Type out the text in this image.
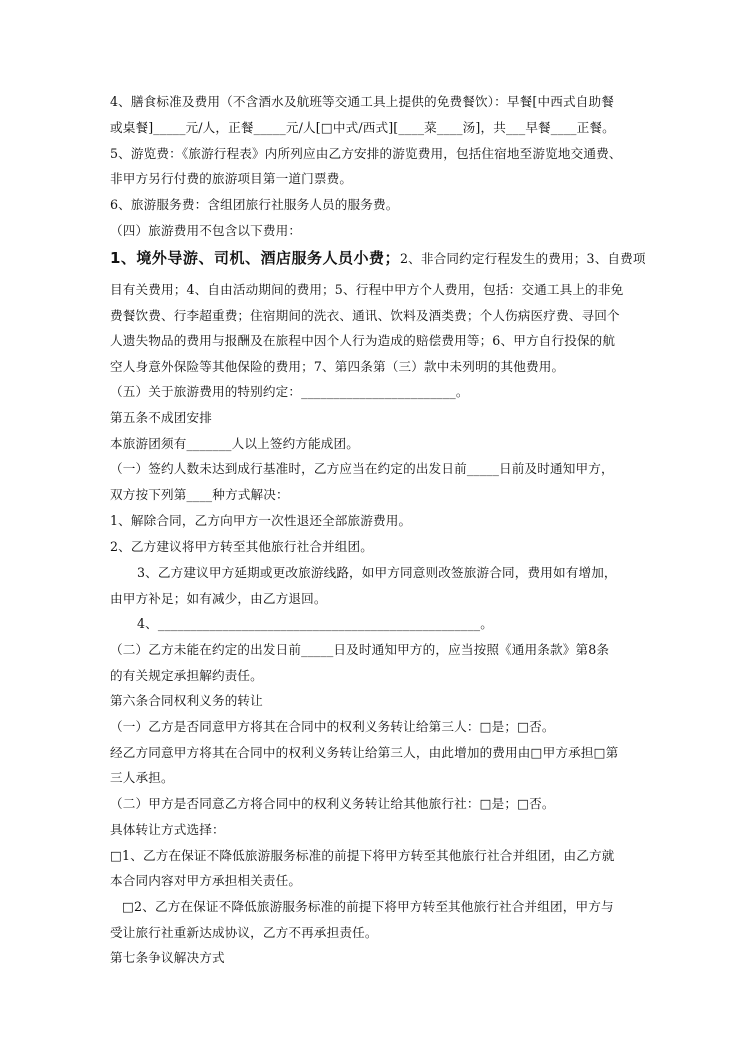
4、膳食标准及费用（不含酒水及航班等交通工具上提供的免费餐饮）：早餐[中西式自助餐
或桌餐]_____元/人，正餐_____元/人[□中式/西式][____菜____汤]，共___早餐____正餐。
5、游览费：《旅游行程表》内所列应由乙方安排的游览费用，包括住宿地至游览地交通费、
非甲方另行付费的旅游项目第一道门票费。
6、旅游服务费：含组团旅行社服务人员的服务费。
（四）旅游费用不包含以下费用：
1、境外导游、司机、酒店服务人员小费；2、非合同约定行程发生的费用；3、自费项
目有关费用；4、自由活动期间的费用；5、行程中甲方个人费用，包括：交通工具上的非免
费餐饮费、行李超重费；住宿期间的洗衣、通讯、饮料及酒类费；个人伤病医疗费、寻回个
人遗失物品的费用与报酬及在旅程中因个人行为造成的赔偿费用等；6、甲方自行投保的航
空人身意外保险等其他保险的费用；7、第四条第（三）款中未列明的其他费用。
（五）关于旅游费用的特别约定：________________________。
第五条不成团安排
本旅游团须有_______人以上签约方能成团。
（一）签约人数未达到成行基准时，乙方应当在约定的出发日前_____日前及时通知甲方，
双方按下列第____种方式解决：
1、解除合同，乙方向甲方一次性退还全部旅游费用。
2、乙方建议将甲方转至其他旅行社合并组团。
3、乙方建议甲方延期或更改旅游线路，如甲方同意则改签旅游合同，费用如有增加，
由甲方补足；如有减少，由乙方退回。
4、__________________________________________________。
（二）乙方未能在约定的出发日前_____日及时通知甲方的，应当按照《通用条款》第8条
的有关规定承担解约责任。
第六条合同权利义务的转让
（一）乙方是否同意甲方将其在合同中的权利义务转让给第三人：□是；□否。
经乙方同意甲方将其在合同中的权利义务转让给第三人，由此增加的费用由□甲方承担□第
三人承担。
（二）甲方是否同意乙方将合同中的权利义务转让给其他旅行社：□是；□否。
具体转让方式选择：
□1、乙方在保证不降低旅游服务标准的前提下将甲方转至其他旅行社合并组团，由乙方就
本合同内容对甲方承担相关责任。
□2、乙方在保证不降低旅游服务标准的前提下将甲方转至其他旅行社合并组团，甲方与
受让旅行社重新达成协议，乙方不再承担责任。
第七条争议解决方式
